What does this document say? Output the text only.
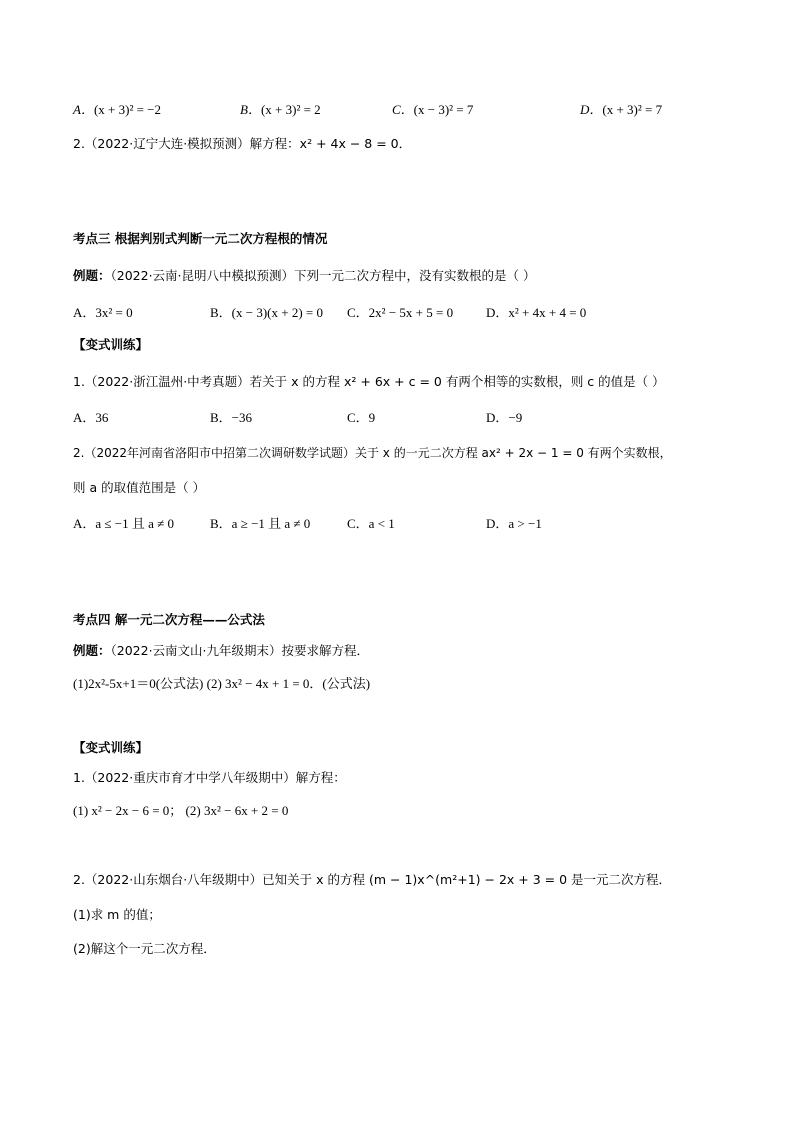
A．(x + 3)² = −2	B．(x + 3)² = 2	C．(x − 3)² = 7	D．(x + 3)² = 7
2.（2022·辽宁大连·模拟预测）解方程：x² + 4x − 8 = 0．
考点三 根据判别式判断一元二次方程根的情况
例题：（2022·云南·昆明八中模拟预测）下列一元二次方程中，没有实数根的是（ ）
A．3x² = 0	B．(x − 3)(x + 2) = 0 C．2x² − 5x + 5 = 0	D．x² + 4x + 4 = 0
【变式训练】
1.（2022·浙江温州·中考真题）若关于 x 的方程 x² + 6x + c = 0 有两个相等的实数根，则 c 的值是（ ）
A．36	B．−36	C．9	D．−9
2.（2022年河南省洛阳市中招第二次调研数学试题）关于 x 的一元二次方程 ax² + 2x − 1 = 0 有两个实数根，
则 a 的取值范围是（ ）
A．a ≤ −1 且 a ≠ 0	B．a ≥ −1 且 a ≠ 0	C．a < 1	D．a > −1
考点四 解一元二次方程——公式法
例题：（2022·云南文山·九年级期末）按要求解方程．
(1)2x²-5x+1＝0(公式法) (2) 3x² − 4x + 1 = 0．(公式法)
【变式训练】
1.（2022·重庆市育才中学八年级期中）解方程：
(1) x² − 2x − 6 = 0； (2) 3x² − 6x + 2 = 0
2.（2022·山东烟台·八年级期中）已知关于 x 的方程 (m − 1)x^(m²+1) − 2x + 3 = 0 是一元二次方程．
(1)求 m 的值；
(2)解这个一元二次方程．
